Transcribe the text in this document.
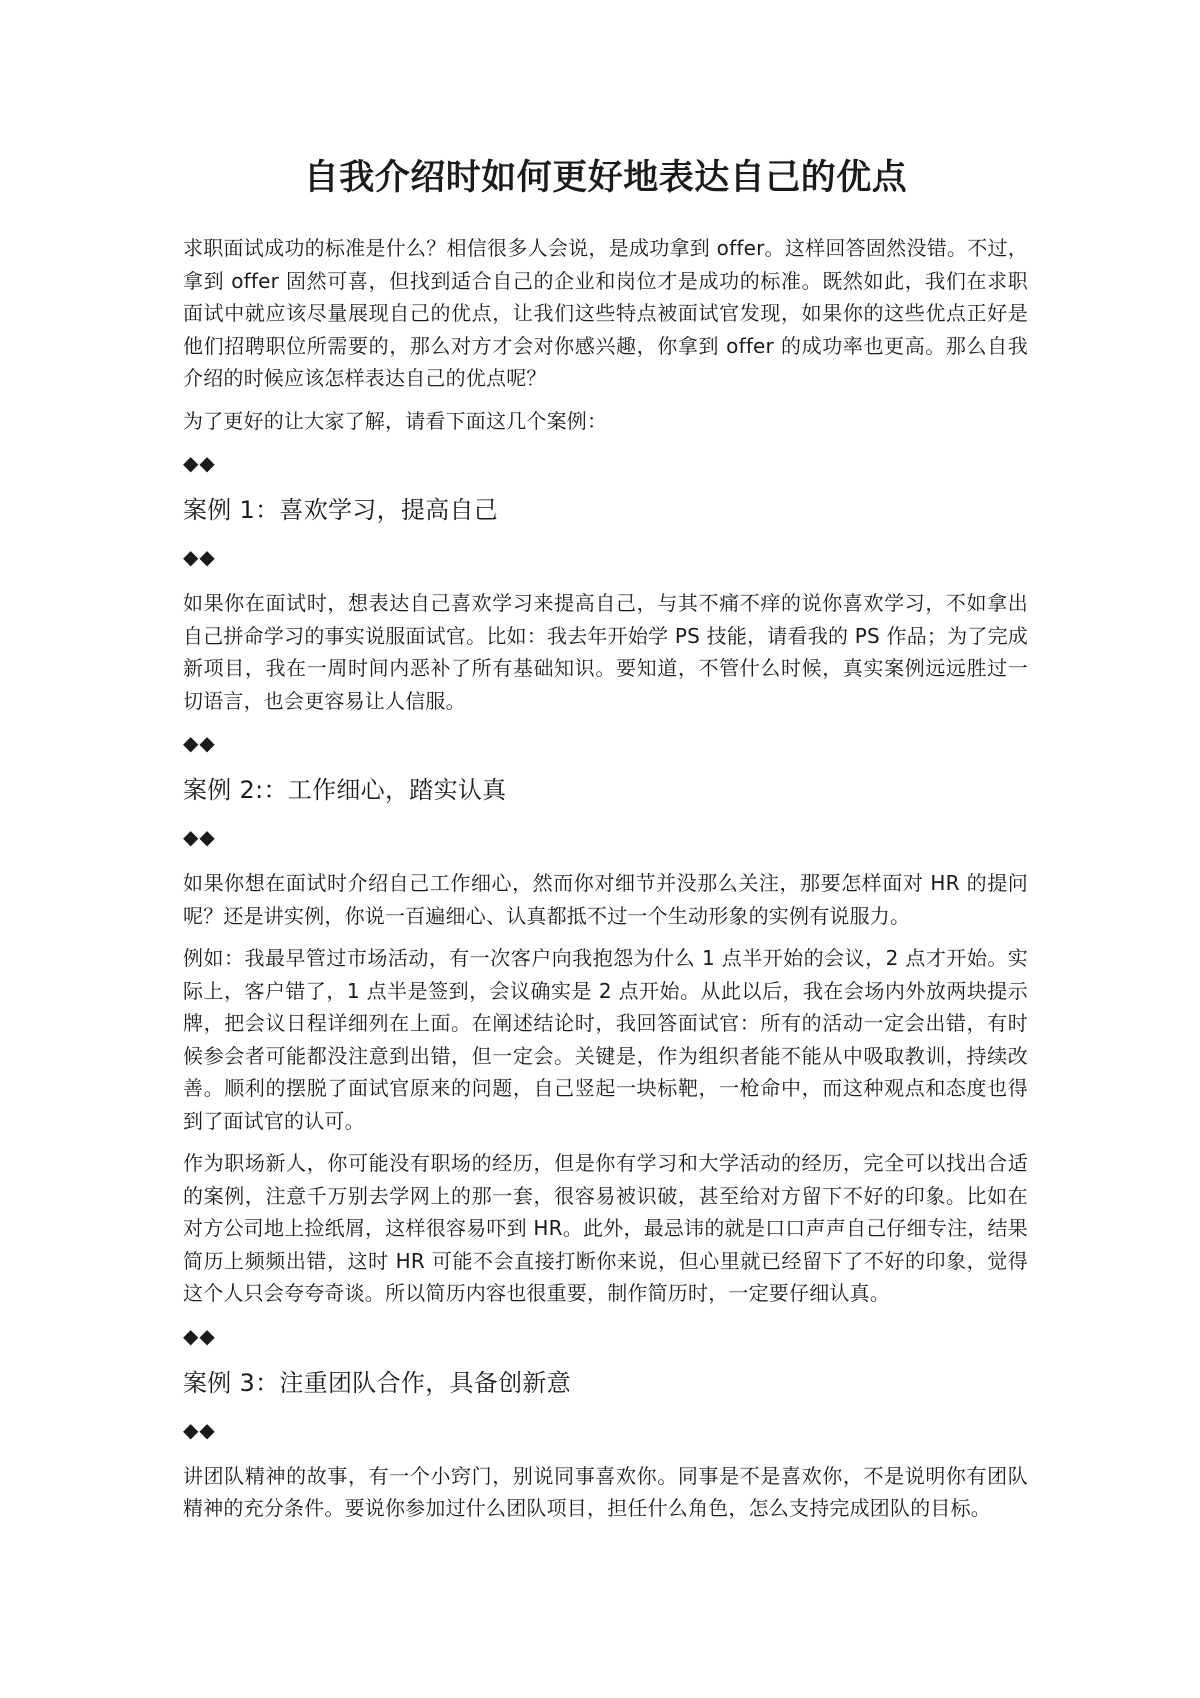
自我介绍时如何更好地表达自己的优点

求职面试成功的标准是什么？相信很多人会说，是成功拿到 offer。这样回答固然没错。不过，拿到 offer 固然可喜，但找到适合自己的企业和岗位才是成功的标准。既然如此，我们在求职面试中就应该尽量展现自己的优点，让我们这些特点被面试官发现，如果你的这些优点正好是他们招聘职位所需要的，那么对方才会对你感兴趣，你拿到 offer 的成功率也更高。那么自我介绍的时候应该怎样表达自己的优点呢？

为了更好的让大家了解，请看下面这几个案例：

◆◆
案例 1：喜欢学习，提高自己
◆◆

如果你在面试时，想表达自己喜欢学习来提高自己，与其不痛不痒的说你喜欢学习，不如拿出自己拼命学习的事实说服面试官。比如：我去年开始学 PS 技能，请看我的 PS 作品；为了完成新项目，我在一周时间内恶补了所有基础知识。要知道，不管什么时候，真实案例远远胜过一切语言，也会更容易让人信服。

◆◆
案例 2:：工作细心，踏实认真
◆◆

如果你想在面试时介绍自己工作细心，然而你对细节并没那么关注，那要怎样面对 HR 的提问呢？还是讲实例，你说一百遍细心、认真都抵不过一个生动形象的实例有说服力。

例如：我最早管过市场活动，有一次客户向我抱怨为什么 1 点半开始的会议，2 点才开始。实际上，客户错了，1 点半是签到，会议确实是 2 点开始。从此以后，我在会场内外放两块提示牌，把会议日程详细列在上面。在阐述结论时，我回答面试官：所有的活动一定会出错，有时候参会者可能都没注意到出错，但一定会。关键是，作为组织者能不能从中吸取教训，持续改善。顺利的摆脱了面试官原来的问题，自己竖起一块标靶，一枪命中，而这种观点和态度也得到了面试官的认可。

作为职场新人，你可能没有职场的经历，但是你有学习和大学活动的经历，完全可以找出合适的案例，注意千万别去学网上的那一套，很容易被识破，甚至给对方留下不好的印象。比如在对方公司地上捡纸屑，这样很容易吓到 HR。此外，最忌讳的就是口口声声自己仔细专注，结果简历上频频出错，这时 HR 可能不会直接打断你来说，但心里就已经留下了不好的印象，觉得这个人只会夸夸奇谈。所以简历内容也很重要，制作简历时，一定要仔细认真。

◆◆
案例 3：注重团队合作，具备创新意
◆◆

讲团队精神的故事，有一个小窍门，别说同事喜欢你。同事是不是喜欢你，不是说明你有团队精神的充分条件。要说你参加过什么团队项目，担任什么角色，怎么支持完成团队的目标。
